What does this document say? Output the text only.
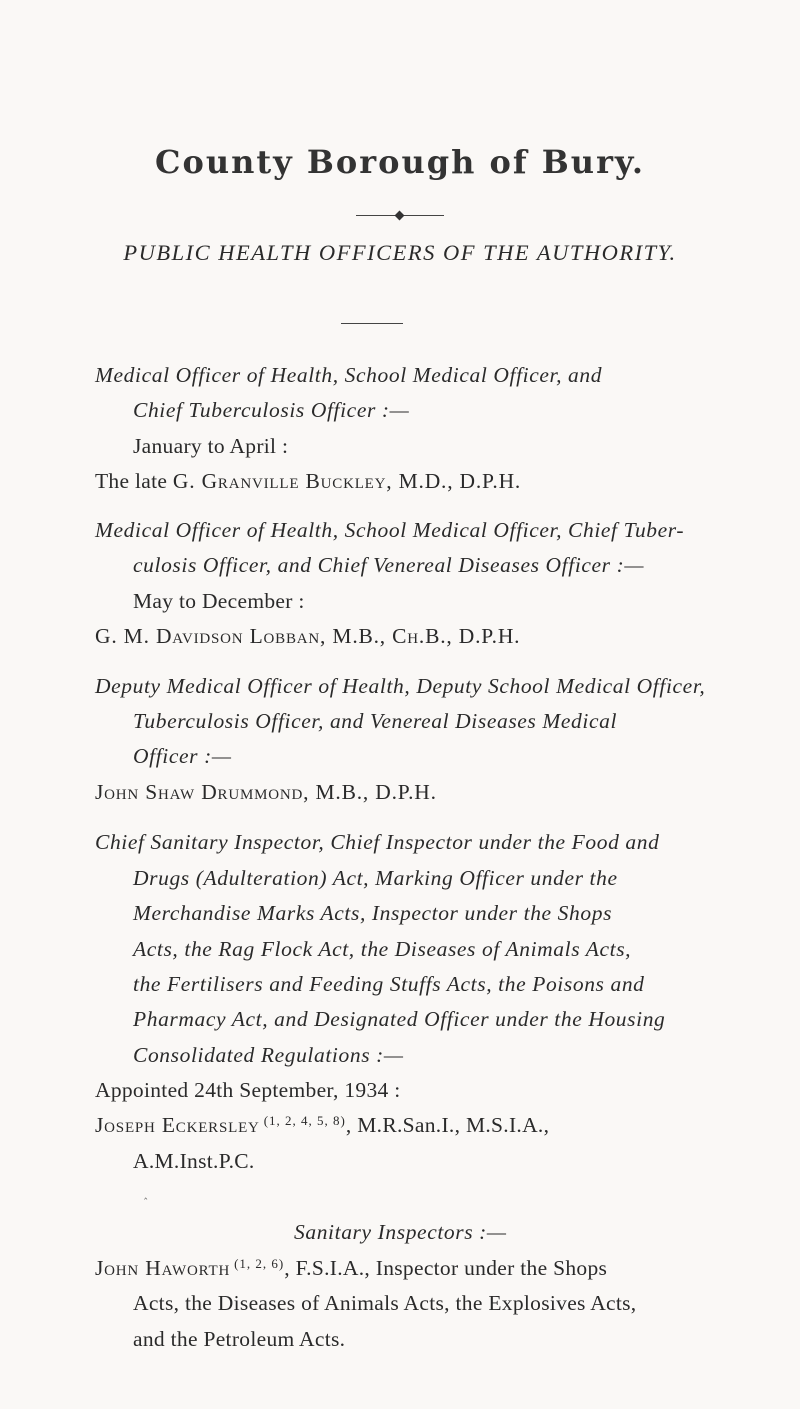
County Borough of Bury.
PUBLIC HEALTH OFFICERS OF THE AUTHORITY.
Medical Officer of Health, School Medical Officer, and
Chief Tuberculosis Officer :—
January to April :
The late G. Granville Buckley, M.D., D.P.H.
Medical Officer of Health, School Medical Officer, Chief Tuber-
culosis Officer, and Chief Venereal Diseases Officer :—
May to December :
G. M. Davidson Lobban, M.B., Ch.B., D.P.H.
Deputy Medical Officer of Health, Deputy School Medical Officer,
Tuberculosis Officer, and Venereal Diseases Medical
Officer :—
John Shaw Drummond, M.B., D.P.H.
Chief Sanitary Inspector, Chief Inspector under the Food and
Drugs (Adulteration) Act, Marking Officer under the
Merchandise Marks Acts, Inspector under the Shops
Acts, the Rag Flock Act, the Diseases of Animals Acts,
the Fertilisers and Feeding Stuffs Acts, the Poisons and
Pharmacy Act, and Designated Officer under the Housing
Consolidated Regulations :—
‸
Appointed 24th September, 1934 :
Joseph Eckersley $^{(1, 2, 4, 5, 8)}$, M.R.San.I., M.S.I.A.,
A.M.Inst.P.C.
Sanitary Inspectors :—
John Haworth $^{(1, 2, 6)}$, F.S.I.A., Inspector under the Shops
Acts, the Diseases of Animals Acts, the Explosives Acts,
and the Petroleum Acts.
